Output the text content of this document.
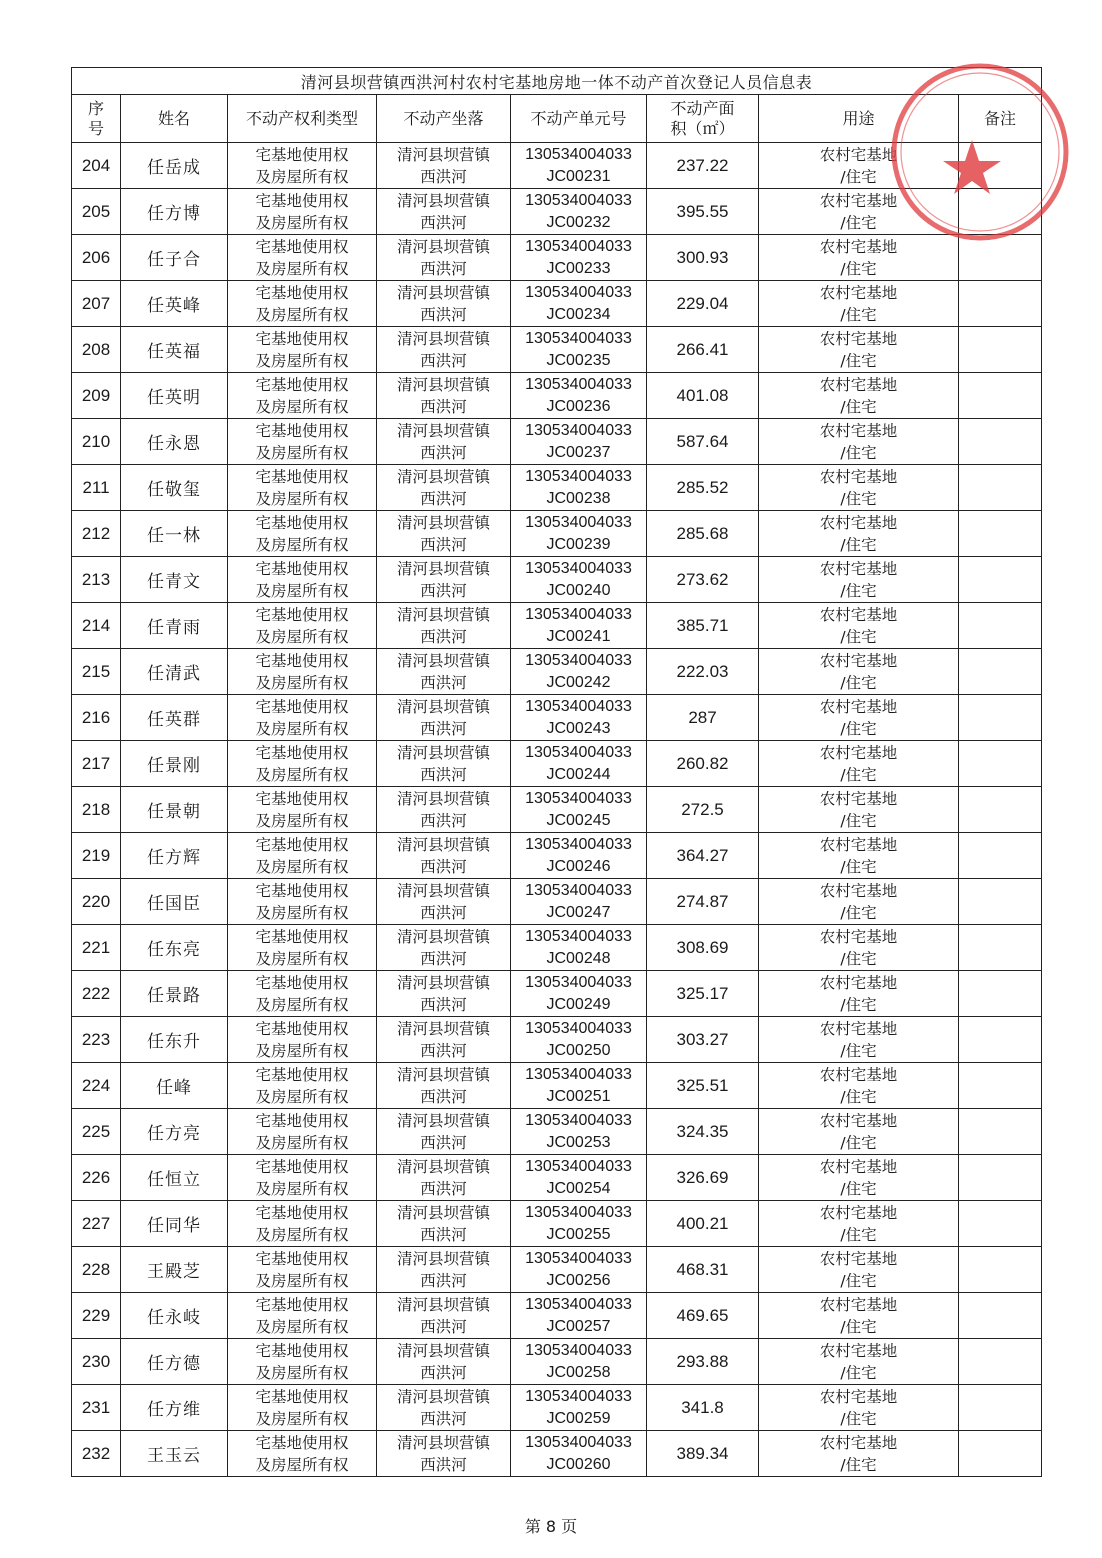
清河县坝营镇西洪河村农村宅基地房地一体不动产首次登记人员信息表							

序
号	姓名	不动产权利类型	不动产坐落	不动产单元号	不动产面
积（㎡）	用途	备注
204	任岳成	宅基地使用权
及房屋所有权	清河县坝营镇
西洪河	130534004033
JC00231	237.22	农村宅基地
/住宅	

205	任方博	宅基地使用权
及房屋所有权	清河县坝营镇
西洪河	130534004033
JC00232	395.55	农村宅基地
/住宅	

206	任子合	宅基地使用权
及房屋所有权	清河县坝营镇
西洪河	130534004033
JC00233	300.93	农村宅基地
/住宅	

207	任英峰	宅基地使用权
及房屋所有权	清河县坝营镇
西洪河	130534004033
JC00234	229.04	农村宅基地
/住宅	

208	任英福	宅基地使用权
及房屋所有权	清河县坝营镇
西洪河	130534004033
JC00235	266.41	农村宅基地
/住宅	

209	任英明	宅基地使用权
及房屋所有权	清河县坝营镇
西洪河	130534004033
JC00236	401.08	农村宅基地
/住宅	

210	任永恩	宅基地使用权
及房屋所有权	清河县坝营镇
西洪河	130534004033
JC00237	587.64	农村宅基地
/住宅	

211	任敬玺	宅基地使用权
及房屋所有权	清河县坝营镇
西洪河	130534004033
JC00238	285.52	农村宅基地
/住宅	

212	任一林	宅基地使用权
及房屋所有权	清河县坝营镇
西洪河	130534004033
JC00239	285.68	农村宅基地
/住宅	

213	任青文	宅基地使用权
及房屋所有权	清河县坝营镇
西洪河	130534004033
JC00240	273.62	农村宅基地
/住宅	

214	任青雨	宅基地使用权
及房屋所有权	清河县坝营镇
西洪河	130534004033
JC00241	385.71	农村宅基地
/住宅	

215	任清武	宅基地使用权
及房屋所有权	清河县坝营镇
西洪河	130534004033
JC00242	222.03	农村宅基地
/住宅	

216	任英群	宅基地使用权
及房屋所有权	清河县坝营镇
西洪河	130534004033
JC00243	287	农村宅基地
/住宅	

217	任景刚	宅基地使用权
及房屋所有权	清河县坝营镇
西洪河	130534004033
JC00244	260.82	农村宅基地
/住宅	

218	任景朝	宅基地使用权
及房屋所有权	清河县坝营镇
西洪河	130534004033
JC00245	272.5	农村宅基地
/住宅	

219	任方辉	宅基地使用权
及房屋所有权	清河县坝营镇
西洪河	130534004033
JC00246	364.27	农村宅基地
/住宅	

220	任国臣	宅基地使用权
及房屋所有权	清河县坝营镇
西洪河	130534004033
JC00247	274.87	农村宅基地
/住宅	

221	任东亮	宅基地使用权
及房屋所有权	清河县坝营镇
西洪河	130534004033
JC00248	308.69	农村宅基地
/住宅	

222	任景路	宅基地使用权
及房屋所有权	清河县坝营镇
西洪河	130534004033
JC00249	325.17	农村宅基地
/住宅	

223	任东升	宅基地使用权
及房屋所有权	清河县坝营镇
西洪河	130534004033
JC00250	303.27	农村宅基地
/住宅	

224	任峰	宅基地使用权
及房屋所有权	清河县坝营镇
西洪河	130534004033
JC00251	325.51	农村宅基地
/住宅	

225	任方亮	宅基地使用权
及房屋所有权	清河县坝营镇
西洪河	130534004033
JC00253	324.35	农村宅基地
/住宅	

226	任恒立	宅基地使用权
及房屋所有权	清河县坝营镇
西洪河	130534004033
JC00254	326.69	农村宅基地
/住宅	

227	任同华	宅基地使用权
及房屋所有权	清河县坝营镇
西洪河	130534004033
JC00255	400.21	农村宅基地
/住宅	

228	王殿芝	宅基地使用权
及房屋所有权	清河县坝营镇
西洪河	130534004033
JC00256	468.31	农村宅基地
/住宅	

229	任永岐	宅基地使用权
及房屋所有权	清河县坝营镇
西洪河	130534004033
JC00257	469.65	农村宅基地
/住宅	

230	任方德	宅基地使用权
及房屋所有权	清河县坝营镇
西洪河	130534004033
JC00258	293.88	农村宅基地
/住宅	

231	任方维	宅基地使用权
及房屋所有权	清河县坝营镇
西洪河	130534004033
JC00259	341.8	农村宅基地
/住宅	

232	王玉云	宅基地使用权
及房屋所有权	清河县坝营镇
西洪河	130534004033
JC00260	389.34	农村宅基地
/住宅	

第 8 页
